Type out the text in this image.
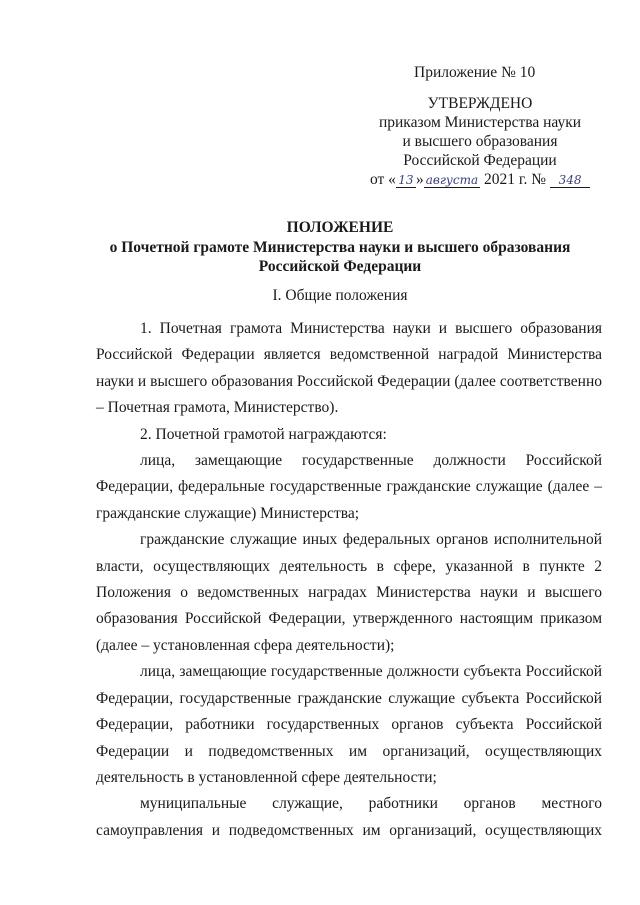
Приложение № 10
УТВЕРЖДЕНО
приказом Министерства науки
и высшего образования
Российской Федерации
от « 13 » августа 2021 г. № 348
ПОЛОЖЕНИЕ
о Почетной грамоте Министерства науки и высшего образования
Российской Федерации
I. Общие положения

1. Почетная грамота Министерства науки и высшего образования Российской Федерации является ведомственной наградой Министерства науки и высшего образования Российской Федерации (далее соответственно – Почетная грамота, Министерство).

2. Почетной грамотой награждаются:

лица, замещающие государственные должности Российской Федерации, федеральные государственные гражданские служащие (далее – гражданские служащие) Министерства;

гражданские служащие иных федеральных органов исполнительной власти, осуществляющих деятельность в сфере, указанной в пункте 2 Положения о ведомственных наградах Министерства науки и высшего образования Российской Федерации, утвержденного настоящим приказом (далее – установленная сфера деятельности);

лица, замещающие государственные должности субъекта Российской Федерации, государственные гражданские служащие субъекта Российской Федерации, работники государственных органов субъекта Российской Федерации и подведомственных им организаций, осуществляющих деятельность в установленной сфере деятельности;

муниципальные служащие, работники органов местного самоуправления и подведомственных им организаций, осуществляющих
